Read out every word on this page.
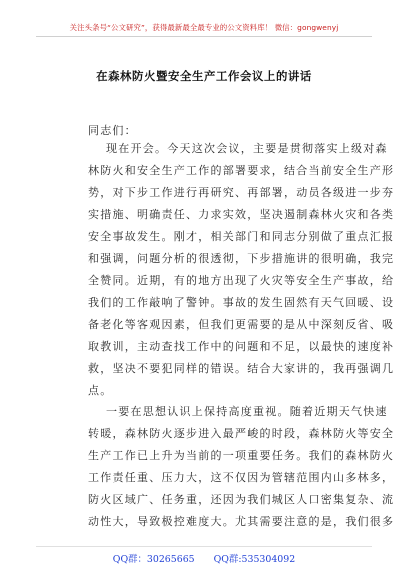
关注头条号“公文研究”，获得最新最全最专业的公文资料库！ 微信：gongwenyj
在森林防火暨安全生产工作会议上的讲话
同志们：
现在开会。今天这次会议，主要是贯彻落实上级对森
林防火和安全生产工作的部署要求，结合当前安全生产形
势，对下步工作进行再研究、再部署，动员各级进一步夯
实措施、明确责任、力求实效，坚决遏制森林火灾和各类
安全事故发生。刚才，相关部门和同志分别做了重点汇报
和强调，问题分析的很透彻，下步措施讲的很明确，我完
全赞同。近期，有的地方出现了火灾等安全生产事故，给
我们的工作敲响了警钟。事故的发生固然有天气回暖、设
备老化等客观因素，但我们更需要的是从中深刻反省、吸
取教训，主动查找工作中的问题和不足，以最快的速度补
救，坚决不要犯同样的错误。结合大家讲的，我再强调几
点。
一要在思想认识上保持高度重视。随着近期天气快速
转暖，森林防火逐步进入最严峻的时段，森林防火等安全
生产工作已上升为当前的一项重要任务。我们的森林防火
工作责任重、压力大，这不仅因为管辖范围内山多林多，
防火区域广、任务重，还因为我们城区人口密集复杂、流
动性大，导致极控难度大。尤其需要注意的是，我们很多
QQ群：30265665 QQ群:535304092
